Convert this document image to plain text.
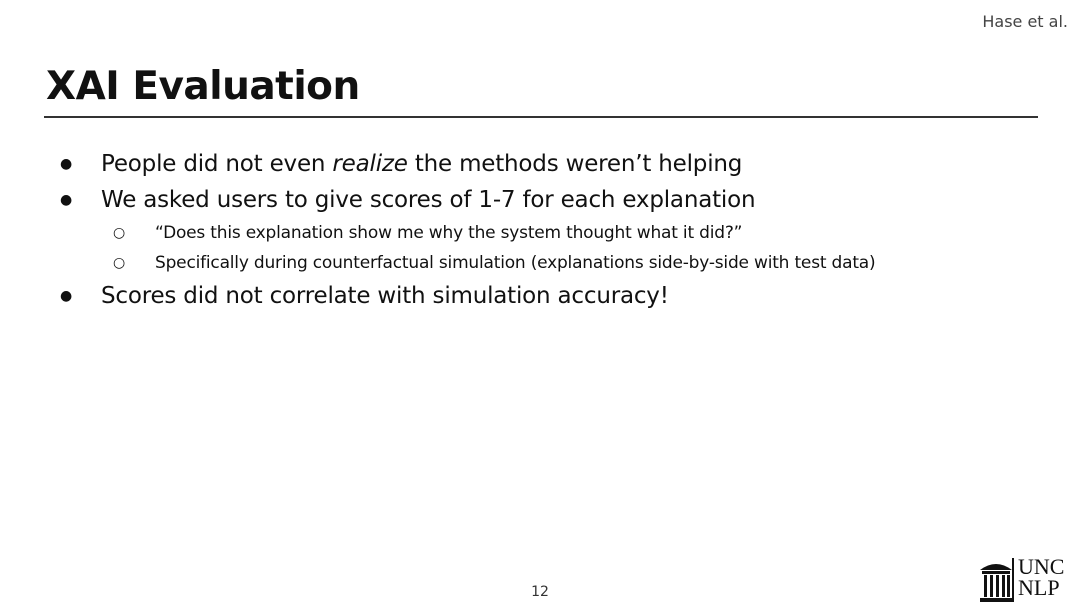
Hase et al.
XAI Evaluation
● People did not even realize the methods weren’t helping
● We asked users to give scores of 1-7 for each explanation
○ “Does this explanation show me why the system thought what it did?”
○ Specifically during counterfactual simulation (explanations side-by-side with test data)
● Scores did not correlate with simulation accuracy!
12
UNC
NLP
